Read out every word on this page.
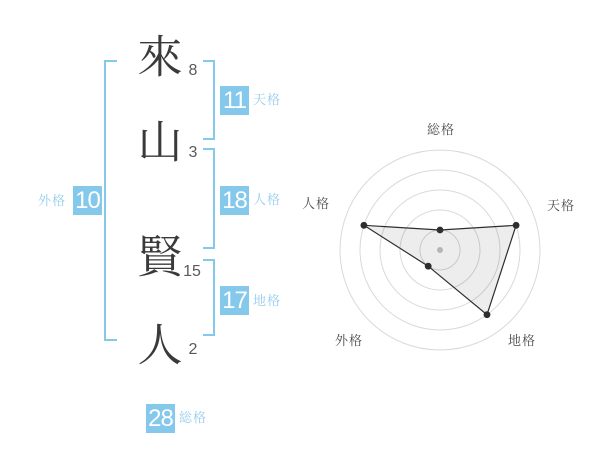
來
山
賢
人
8
3
15
2
11 天格
18 人格
17 地格
10
外格
28 総格
総格
天格
地格
外格
人格
